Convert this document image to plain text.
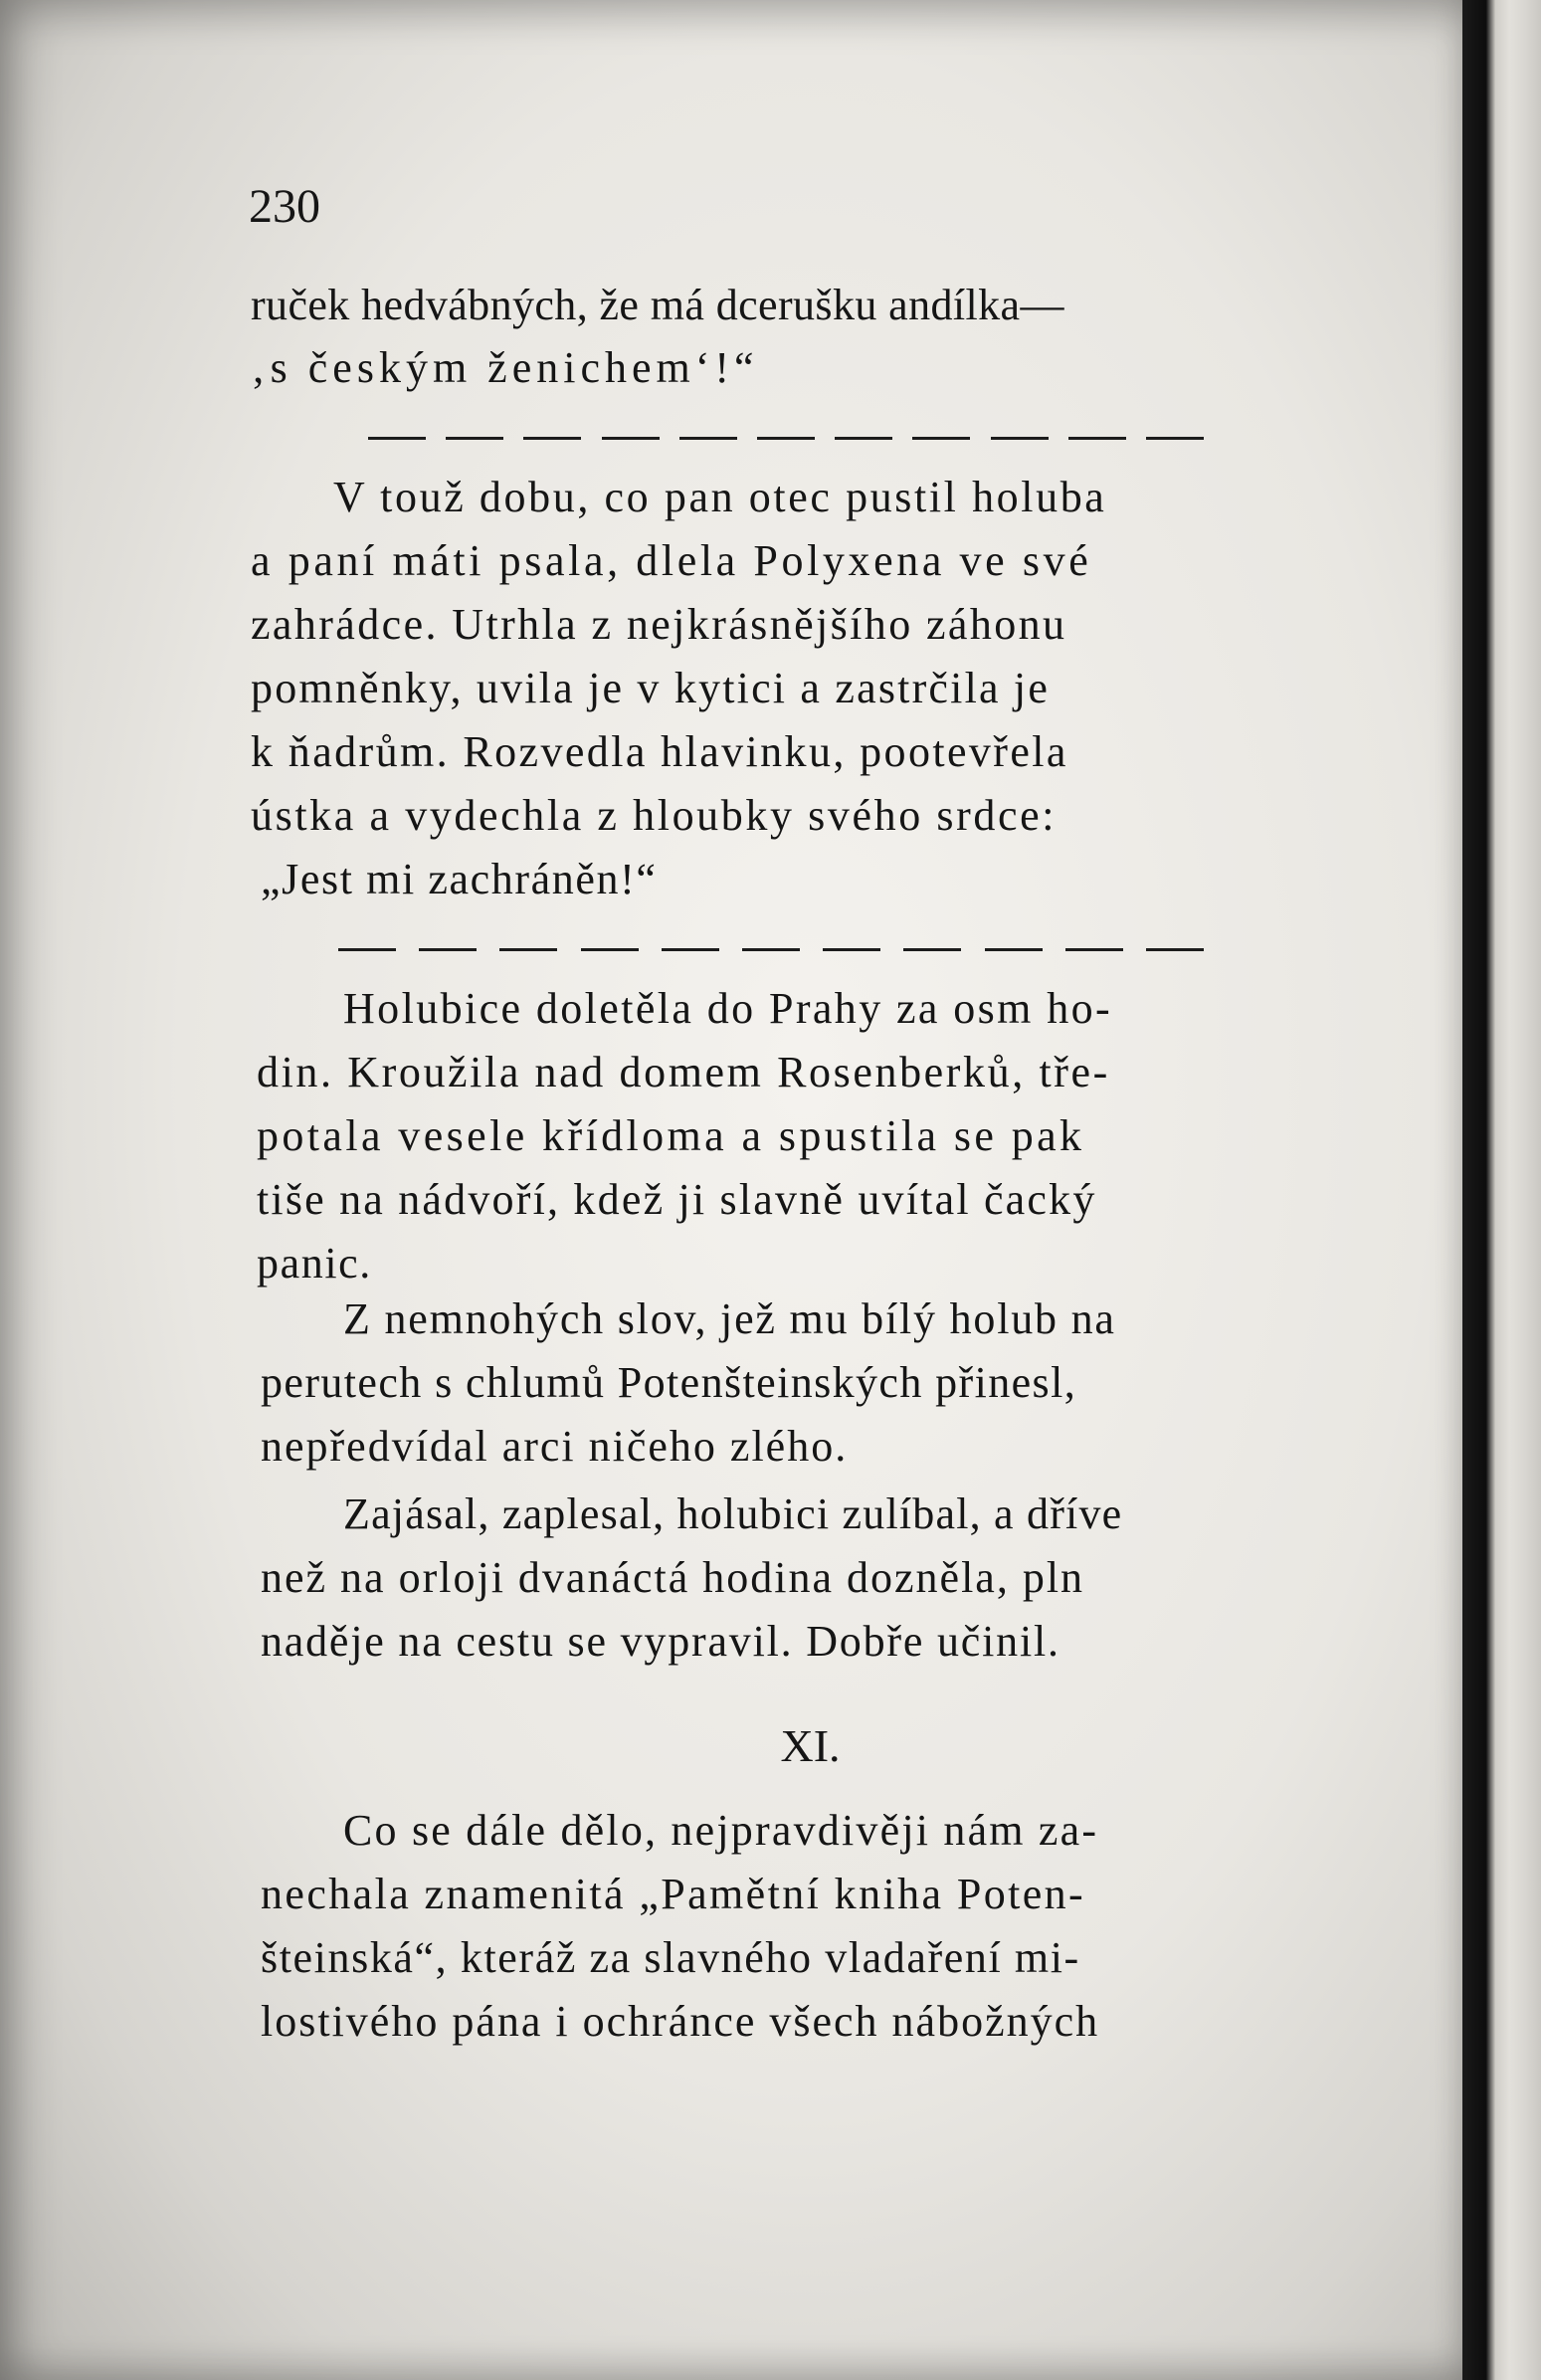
230
ruček hedvábných, že má dcerušku andílka—
‚s českým ženichem‘!“
V touž dobu, co pan otec pustil holuba
a paní máti psala, dlela Polyxena ve své
zahrádce. Utrhla z nejkrásnějšího záhonu
pomněnky, uvila je v kytici a zastrčila je
k ňadrům. Rozvedla hlavinku, pootevřela
ústka a vydechla z hloubky svého srdce:
„Jest mi zachráněn!“
Holubice doletěla do Prahy za osm ho-
din. Kroužila nad domem Rosenberků, tře-
potala vesele křídloma a spustila se pak
tiše na nádvoří, kdež ji slavně uvítal čacký
panic.
Z nemnohých slov, jež mu bílý holub na
perutech s chlumů Potenšteinských přinesl,
nepředvídal arci ničeho zlého.
Zajásal, zaplesal, holubici zulíbal, a dříve
než na orloji dvanáctá hodina dozněla, pln
naděje na cestu se vypravil. Dobře učinil.
XI.
Co se dále dělo, nejpravdivěji nám za-
nechala znamenitá „Pamětní kniha Poten-
šteinská“, kteráž za slavného vladaření mi-
lostivého pána i ochránce všech nábožných
